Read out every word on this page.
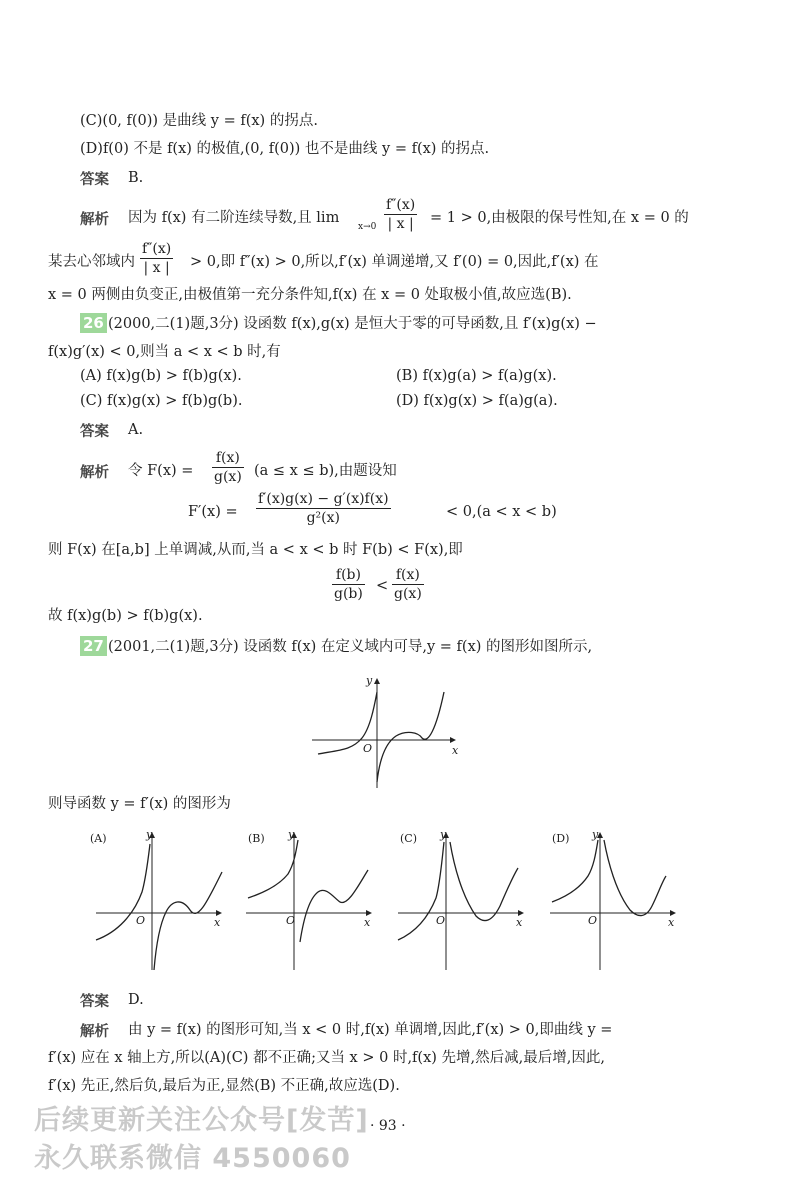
(C)(0, f(0)) 是曲线 y = f(x) 的拐点.
(D)f(0) 不是 f(x) 的极值,(0, f(0)) 也不是曲线 y = f(x) 的拐点.
答案 B.
解析 因为 f(x) 有二阶连续导数,且 lim
$x\to 0 \frac{f''(x)}{| x |} = 1 > 0$,由极限的保号性知,在 x = 0 的
某去心邻域内 $\frac{f''(x)}{| x |} > 0$,即 f″(x) > 0,所以,f′(x) 单调递增,又 f′(0) = 0,因此,f′(x) 在
x = 0 两侧由负变正,由极值第一充分条件知,f(x) 在 x = 0 处取极小值,故应选(B).
26 (2000,二(1)题,3分) 设函数 f(x),g(x) 是恒大于零的可导函数,且 f′(x)g(x) −
f(x)g′(x) < 0,则当 a < x < b 时,有
(A) f(x)g(b) > f(b)g(x).	(B) f(x)g(a) > f(a)g(x).
(C) f(x)g(x) > f(b)g(b).	(D) f(x)g(x) > f(a)g(a).
答案 A.
解析 令 $F(x) = \frac{f(x)}{g(x)} (a \le x \le b)$,由题设知
$F'(x) = \frac{f'(x)g(x) - g'(x)f(x)}{\text{g²(x)}}$	< 0,(a < x < b)
则 F(x) 在[a,b] 上单调减,从而,当 a < x < b 时 F(b) < F(x),即
$\frac{f(b)}{g(b)} < \frac{f(x)}{g(x)}$
故 f(x)g(b) > f(b)g(x).
27 (2001,二(1)题,3分) 设函数 f(x) 在定义域内可导,y = f(x) 的图形如图所示,
y
x
O
则导函数 y = f′(x) 的图形为
(A)	y
O	x
(B) y
O	x
(C) y
O	x
(D) y
O	x
答案 D.
解析 由 y = f(x) 的图形可知,当 x < 0 时,f(x) 单调增,因此,f′(x) > 0,即曲线 y =
f′(x) 应在 x 轴上方,所以(A)(C) 都不正确;又当 x > 0 时,f(x) 先增,然后减,最后增,因此,
f′(x) 先正,然后负,最后为正,显然(B) 不正确,故应选(D).
· 93 ·
后续更新关注公众号[发苦]
永久联系微信 4550060
